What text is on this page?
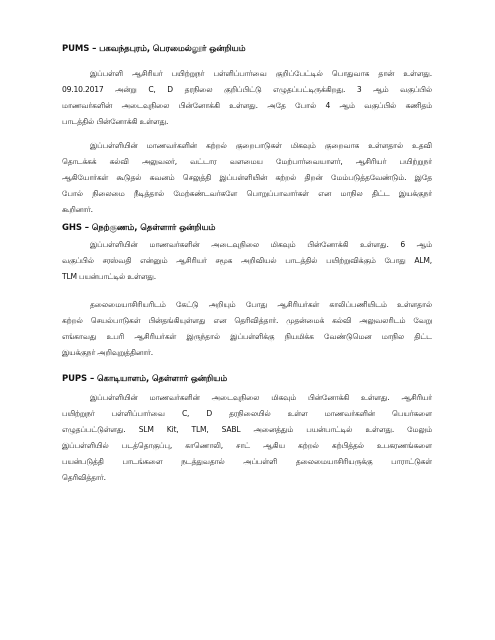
PUMS – பகவந்தபுரம், பெரமைல்லூர் ஒன்றியம்
இப்பள்ளி ஆசிரியர் பயிற்றுநர் பள்ளிப்பார்வை குறிப்பேட்டில் பொதுவாக தான் உள்ளது.
09.10.2017 அன்று C, D தரநிலை குறிப்பிட்டு எழுதப்பட்டிருக்கிறது. 3 ஆம் வகுப்பில்
மாணவர்களின் அடைவுநிலை பின்னோக்கி உள்ளது. அதே போல் 4 ஆம் வகுப்பில் கணிதம்
பாடத்தில் பின்னோக்கி உள்ளது.
இப்பள்ளியின் மாணவர்களின் கற்றல் குறைபாடுகள் மிகவும் குறைவாக உள்ளதால் உதவி
தொடக்கக் கல்வி அலுவலர், வட்டார வளமைய மேற்பார்வையாளர், ஆசிரியர் பயிற்றுநர்
ஆகியோர்கள் கூடுதல் கவனம் செலுத்தி இப்பள்ளியின் கற்றல் திறன் மேம்படுத்தவேண்டும். இதே
போல் நிலைமை நீடித்தால் மேற்கண்டவர்களே பொறுப்பாவார்கள் என மாநில திட்ட இயக்குநர்
கூறினார்.
GHS – நெற்குணம், தெள்ளார் ஒன்றியம்
இப்பள்ளியின் மாணவர்களின் அடைவுநிலை மிகவும் பின்னோக்கி உள்ளது. 6 ஆம்
வகுப்பில் சரஸ்வதி என்னும் ஆசிரியர் சமூக அறிவியல் பாடத்தில் பயிற்றுவிக்கும் போது ALM,
TLM பயன்பாட்டில் உள்ளது.
தலைமையாசிரியரிடம் கேட்டு அறியும் போது ஆசிரியர்கள் காலிப்பணியிடம் உள்ளதால்
கற்றல் செயல்பாடுகள் பின்தங்கியுள்ளது என தெரிவித்தார். முதன்மைக் கல்வி அலுவலரிடம் வேறு
எங்காவது உபரி ஆசிரியர்கள் இருந்தால் இப்பள்ளிக்கு நியமிக்க வேண்டுமென மாநில திட்ட
இயக்குநர் அறிவுறுத்தினார்.
PUPS – கொடியாளம், தெள்ளார் ஒன்றியம்
இப்பள்ளியின் மாணவர்களின் அடைவுநிலை மிகவும் பின்னோக்கி உள்ளது. ஆசிரியர்
பயிற்றுநர் பள்ளிப்பார்வை C, D தரநிலையில் உள்ள மாணவர்களின் பெயர்களை
எழுதப்பட்டுள்ளது. SLM Kit, TLM, SABL அனைத்தும் பயன்பாட்டில் உள்ளது. மேலும்
இப்பள்ளியில் படத்தொகுப்பு, காணொலி, சாட் ஆகிய கற்றல் கற்பித்தல் உபகரணங்களை
பயன்படுத்தி பாடங்களை நடத்துவதால் அப்பள்ளி தலைமையாசிரியருக்கு பாராட்டுகள்
தெரிவித்தார்.
